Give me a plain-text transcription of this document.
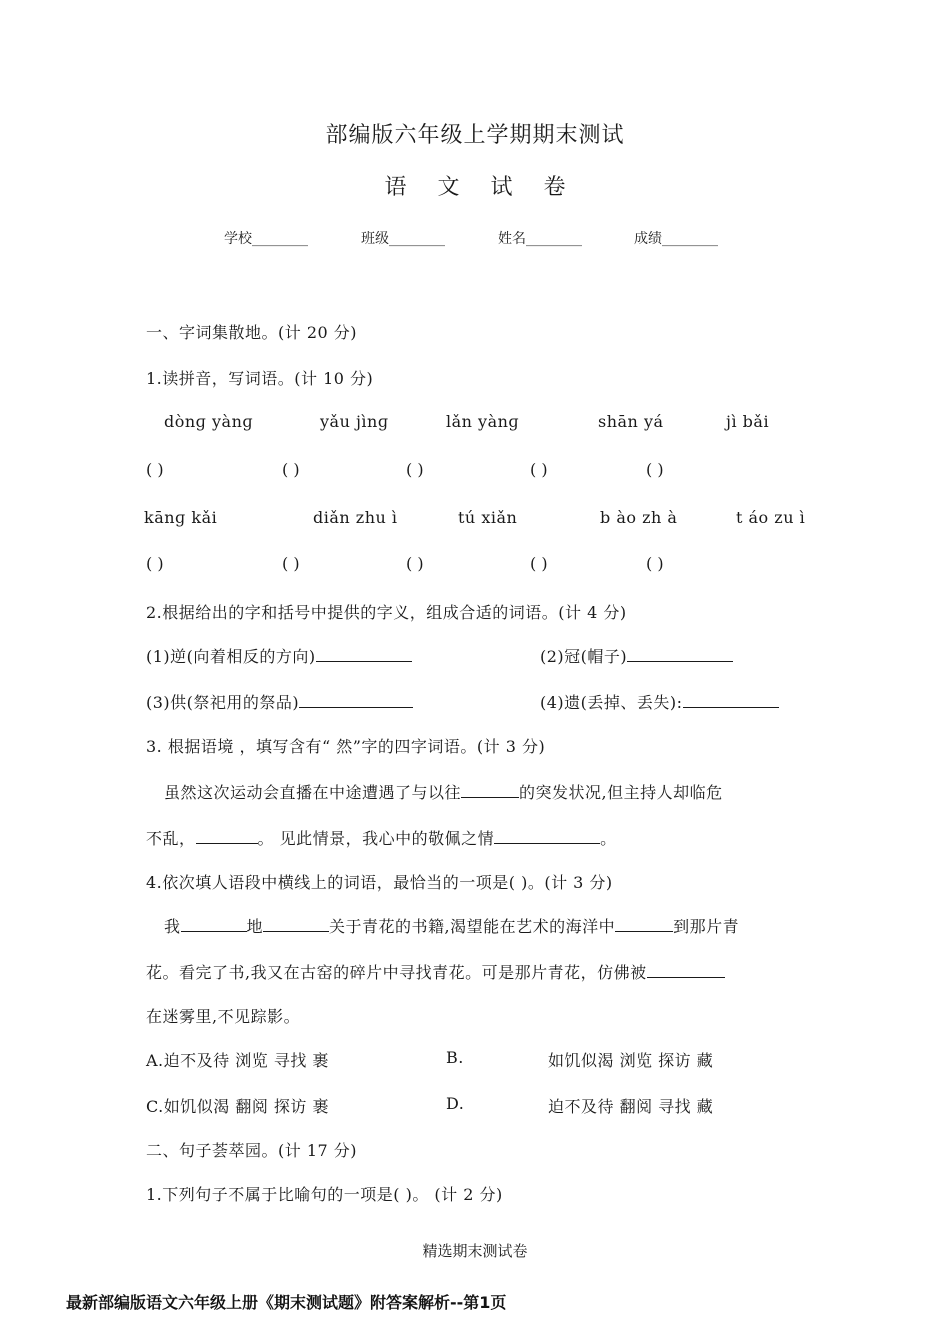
部编版六年级上学期期末测试
语 文 试 卷
学校________	班级________	姓名________	成绩________
一、字词集散地。(计 20 分)
1.读拼音，写词语。(计 10 分)
dònɡ yànɡ	yǎu jìnɡ	lǎn yànɡ	shān yá	jì bǎi
( )	( )	( )	( )	( )
kānɡ kǎi	diǎn zhu ì	tú xiǎn	b ào zh à	t áo zu ì
( )	( )	( )	( )	( )
2.根据给出的字和括号中提供的字义，组成合适的词语。(计 4 分)
(1)逆(向着相反的方向)	(2)冠(帽子)
(3)供(祭祀用的祭品)	(4)遗(丢掉、丢失):
3. 根据语境 ，填写含有“ 然”字的四字词语。(计 3 分)
虽然这次运动会直播在中途遭遇了与以往	的突发状况,但主持人却临危
不乱，	。 见此情景，我心中的敬佩之情	。
4.依次填人语段中横线上的词语，最恰当的一项是( )。(计 3 分)
我	地	关于青花的书籍,渴望能在艺术的海洋中	到那片青
花。看完了书,我又在古窑的碎片中寻找青花。可是那片青花，仿佛被
在迷雾里,不见踪影。
A.迫不及待 浏览 寻找 裹	B.	如饥似渴 浏览 探访 藏
C.如饥似渴 翻阅 探访 裹	D.	迫不及待 翻阅 寻找 藏
二、句子荟萃园。(计 17 分)
1.下列句子不属于比喻句的一项是( )。 (计 2 分)
精选期末测试卷
最新部编版语文六年级上册《期末测试题》附答案解析--第1页
